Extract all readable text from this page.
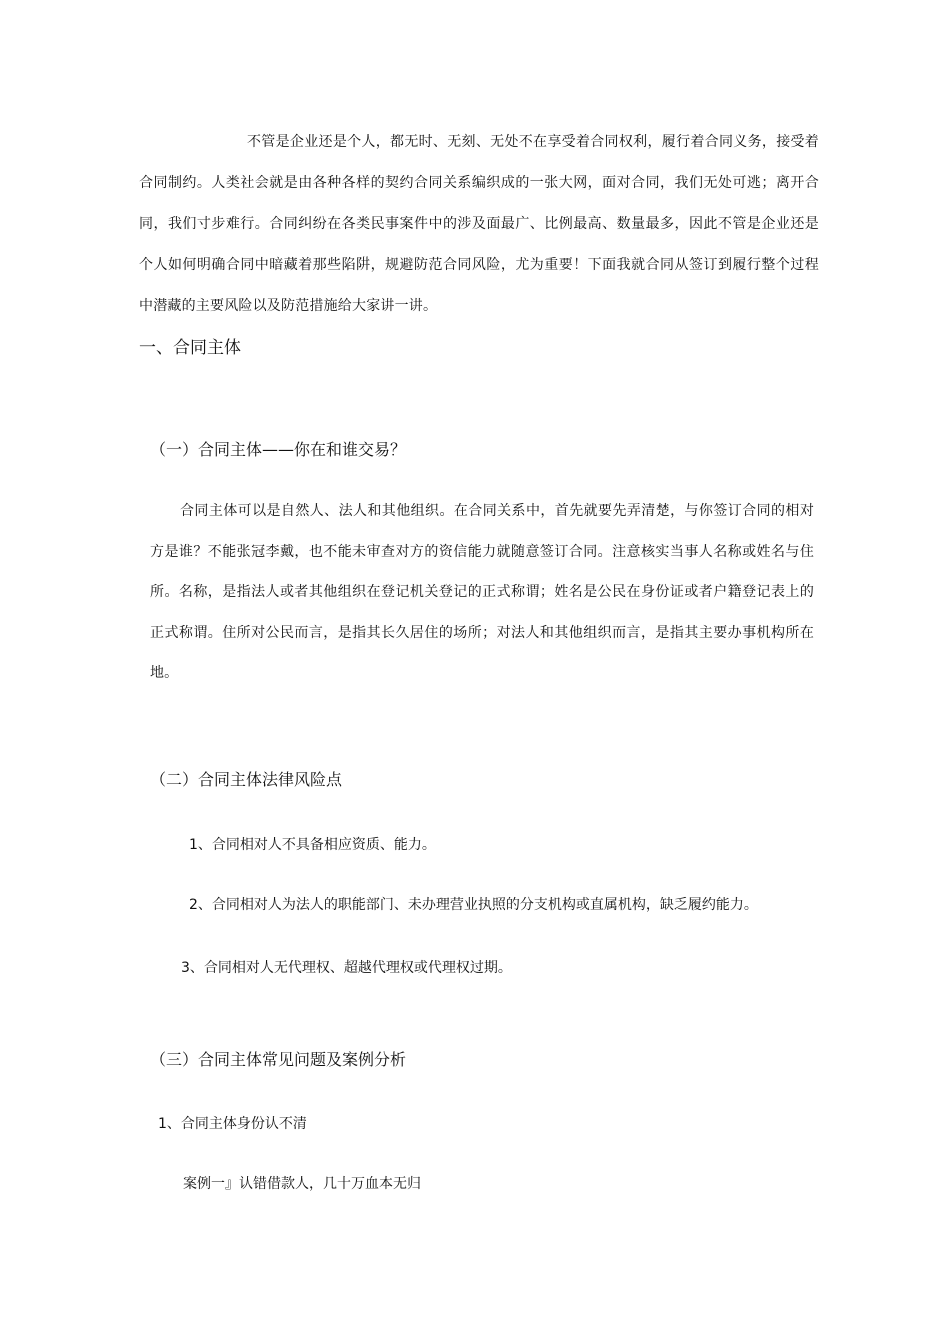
不管是企业还是个人，都无时、无刻、无处不在享受着合同权利，履行着合同义务，接受着合同制约。人类社会就是由各种各样的契约合同关系编织成的一张大网，面对合同，我们无处可逃；离开合同，我们寸步难行。合同纠纷在各类民事案件中的涉及面最广、比例最高、数量最多，因此不管是企业还是个人如何明确合同中暗藏着那些陷阱，规避防范合同风险，尤为重要！下面我就合同从签订到履行整个过程中潜藏的主要风险以及防范措施给大家讲一讲。

一、合同主体
（一）合同主体——你在和谁交易？

合同主体可以是自然人、法人和其他组织。在合同关系中，首先就要先弄清楚，与你签订合同的相对方是谁？不能张冠李戴，也不能未审查对方的资信能力就随意签订合同。注意核实当事人名称或姓名与住所。名称，是指法人或者其他组织在登记机关登记的正式称谓；姓名是公民在身份证或者户籍登记表上的正式称谓。住所对公民而言，是指其长久居住的场所；对法人和其他组织而言，是指其主要办事机构所在地。

（二）合同主体法律风险点

1、合同相对人不具备相应资质、能力。

2、合同相对人为法人的职能部门、未办理营业执照的分支机构或直属机构，缺乏履约能力。

3、合同相对人无代理权、超越代理权或代理权过期。

（三）合同主体常见问题及案例分析

1、合同主体身份认不清

案例一』认错借款人，几十万血本无归
